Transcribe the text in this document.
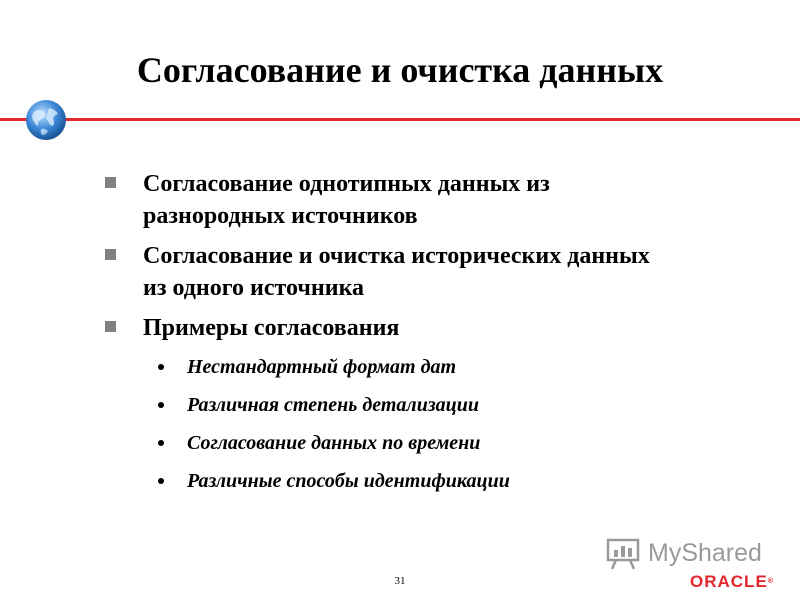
Согласование и очистка данных
Согласование однотипных данных из
разнородных источников
Согласование и очистка исторических данных
из одного источника
Примеры согласования
Нестандартный формат дат
Различная степень детализации
Согласование данных по времени
Различные способы идентификации
MyShared
31	ORACLE®
